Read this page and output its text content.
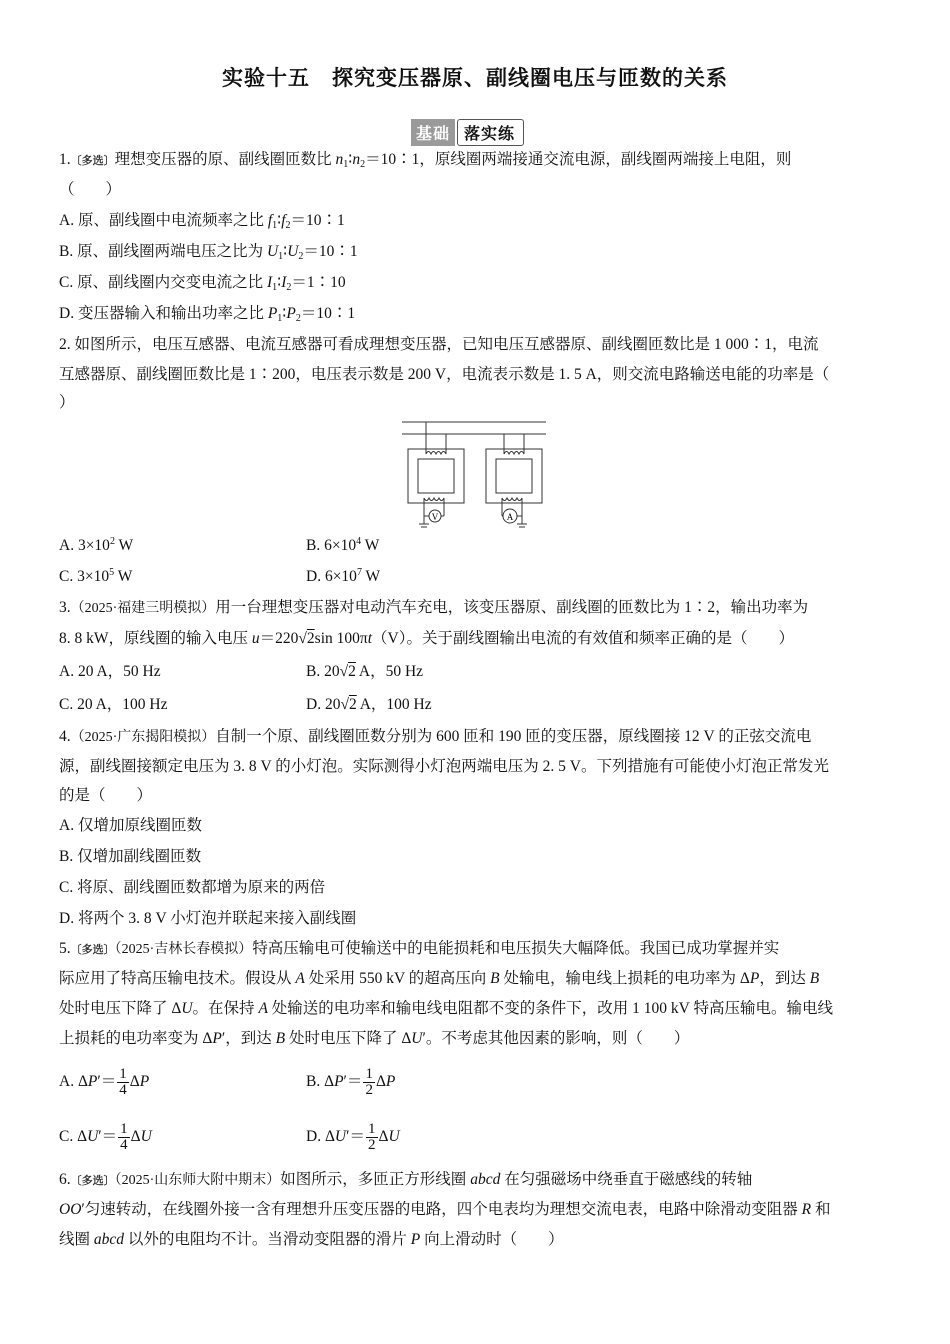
实验十五　探究变压器原、副线圈电压与匝数的关系
基础 落实练
1.〔多选〕理想变压器的原、副线圈匝数比 $n_1∶n_2=10∶1$，原线圈两端接通交流电源，副线圈两端接上电阻，则
（　　）
A. 原、副线圈中电流频率之比 $f_1∶f_2=10∶1$
B. 原、副线圈两端电压之比为 $U_1∶U_2=10∶1$
C. 原、副线圈内交变电流之比 $I_1∶I_2=1∶10$
D. 变压器输入和输出功率之比 $P_1∶P_2=10∶1$
2. 如图所示，电压互感器、电流互感器可看成理想变压器，已知电压互感器原、副线圈匝数比是 1 000∶1，电流
互感器原、副线圈匝数比是 1∶200，电压表示数是 200 V，电流表示数是 1. 5 A，则交流电路输送电能的功率是（
）
V	A
A. $3\times 10^2$ W	B. $6\times 10^4$ W
C. $3\times 10^5$ W	D. $6\times 10^7$ W
3.（2025·福建三明模拟）用一台理想变压器对电动汽车充电，该变压器原、副线圈的匝数比为 1∶2，输出功率为
8. 8 kW，原线圈的输入电压 u＝220√2sin 100πt（V）。关于副线圈输出电流的有效值和频率正确的是（　　）
A. 20 A，50 Hz	B. 20√2 A，50 Hz
C. 20 A，100 Hz	D. 20√2 A，100 Hz
4.（2025·广东揭阳模拟）自制一个原、副线圈匝数分别为 600 匝和 190 匝的变压器，原线圈接 12 V 的正弦交流电
源，副线圈接额定电压为 3. 8 V 的小灯泡。实际测得小灯泡两端电压为 2. 5 V。下列措施有可能使小灯泡正常发光
的是（　　）
A. 仅增加原线圈匝数
B. 仅增加副线圈匝数
C. 将原、副线圈匝数都增为原来的两倍
D. 将两个 3. 8 V 小灯泡并联起来接入副线圈
5.〔多选〕（2025·吉林长春模拟）特高压输电可使输送中的电能损耗和电压损失大幅降低。我国已成功掌握并实
际应用了特高压输电技术。假设从 A 处采用 550 kV 的超高压向 B 处输电，输电线上损耗的电功率为 ΔP，到达 B
处时电压下降了 ΔU。在保持 A 处输送的电功率和输电线电阻都不变的条件下，改用 1 100 kV 特高压输电。输电线
上损耗的电功率变为 ΔP′，到达 B 处时电压下降了 ΔU′。不考虑其他因素的影响，则（　　）
A. $\Delta P'= \frac{1}{4}$ ΔP	B. $\Delta P'= \frac{1}{2}$ ΔP
C. $\Delta U'= \frac{1}{4}$ ΔU	D. $\Delta U'= \frac{1}{2}$ ΔU
6.〔多选〕（2025·山东师大附中期末）如图所示，多匝正方形线圈 abcd 在匀强磁场中绕垂直于磁感线的转轴
OO′匀速转动，在线圈外接一含有理想升压变压器的电路，四个电表均为理想交流电表，电路中除滑动变阻器 R 和
线圈 abcd 以外的电阻均不计。当滑动变阻器的滑片 P 向上滑动时（　　）
